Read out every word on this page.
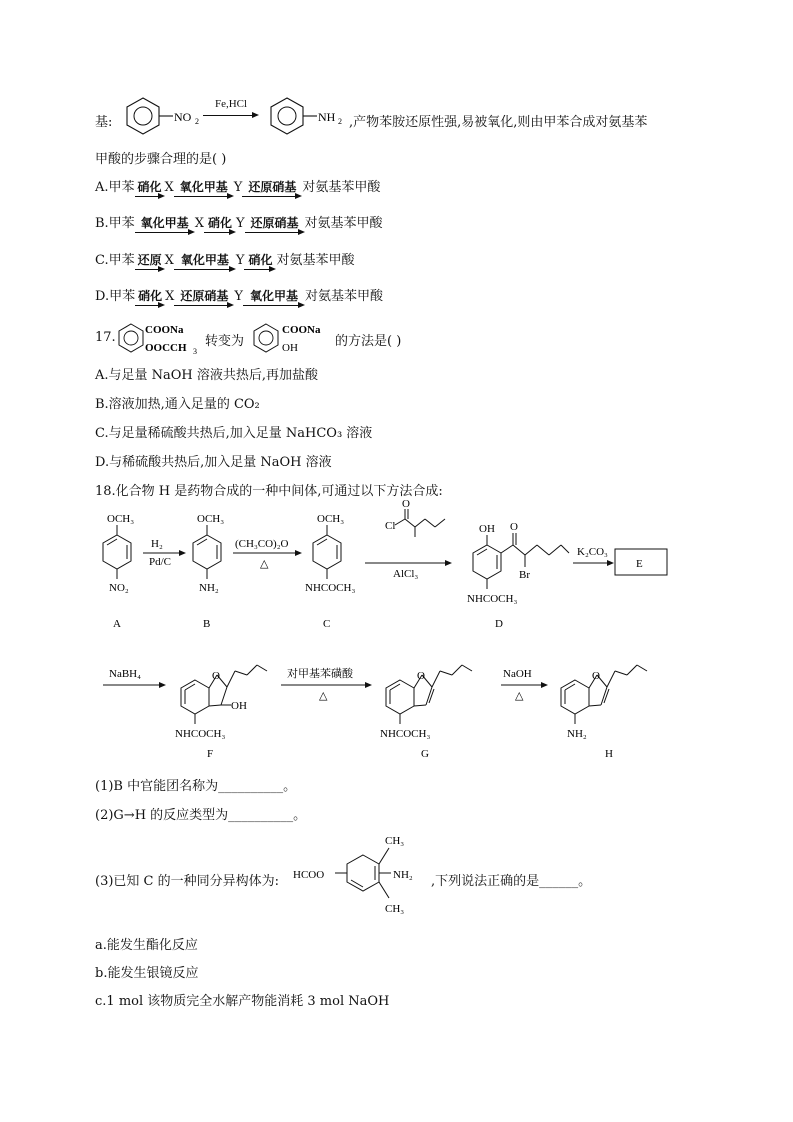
基:	NO 2
Fe,HCl
NH 2 ,产物苯胺还原性强,易被氧化,则由甲苯合成对氨基苯
甲酸的步骤合理的是( )
A.甲苯 硝化 X 氧化甲基 Y 还原硝基 对氨基苯甲酸
B.甲苯 氧化甲基 X 硝化 Y 还原硝基 对氨基苯甲酸
C.甲苯 还原 X 氧化甲基 Y 硝化 对氨基苯甲酸
D.甲苯 硝化 X 还原硝基 Y 氧化甲基 对氨基苯甲酸
17.	COONa
OOCCH 3
转变为
COONa
OH	的方法是( )
A.与足量 NaOH 溶液共热后,再加盐酸
B.溶液加热,通入足量的 CO₂
C.与足量稀硫酸共热后,加入足量 NaHCO₃ 溶液
D.与稀硫酸共热后,加入足量 NaOH 溶液
18.化合物 H 是药物合成的一种中间体,可通过以下方法合成:
OCH₃
NO₂
H₂
Pd/C
OCH₃
NH₂
(CH₃CO)₂O
△
OCH₃
NHCOCH₃
Cl
O
AlCl₃
OH O
Br
NHCOCH₃
K₂CO₃
E
NaBH₄	O
OH
NHCOCH₃
对甲基苯磺酸
△
O
NHCOCH₃
NaOH
△
O
NH₂
A	B	C	D
F	G	H
(1)B 中官能团名称为__________。
(2)G→H 的反应类型为__________。
(3)已知 C 的一种同分异构体为: HCOO	NH₂
CH₃
CH₃
,下列说法正确的是______。
a.能发生酯化反应
b.能发生银镜反应
c.1 mol 该物质完全水解产物能消耗 3 mol NaOH
